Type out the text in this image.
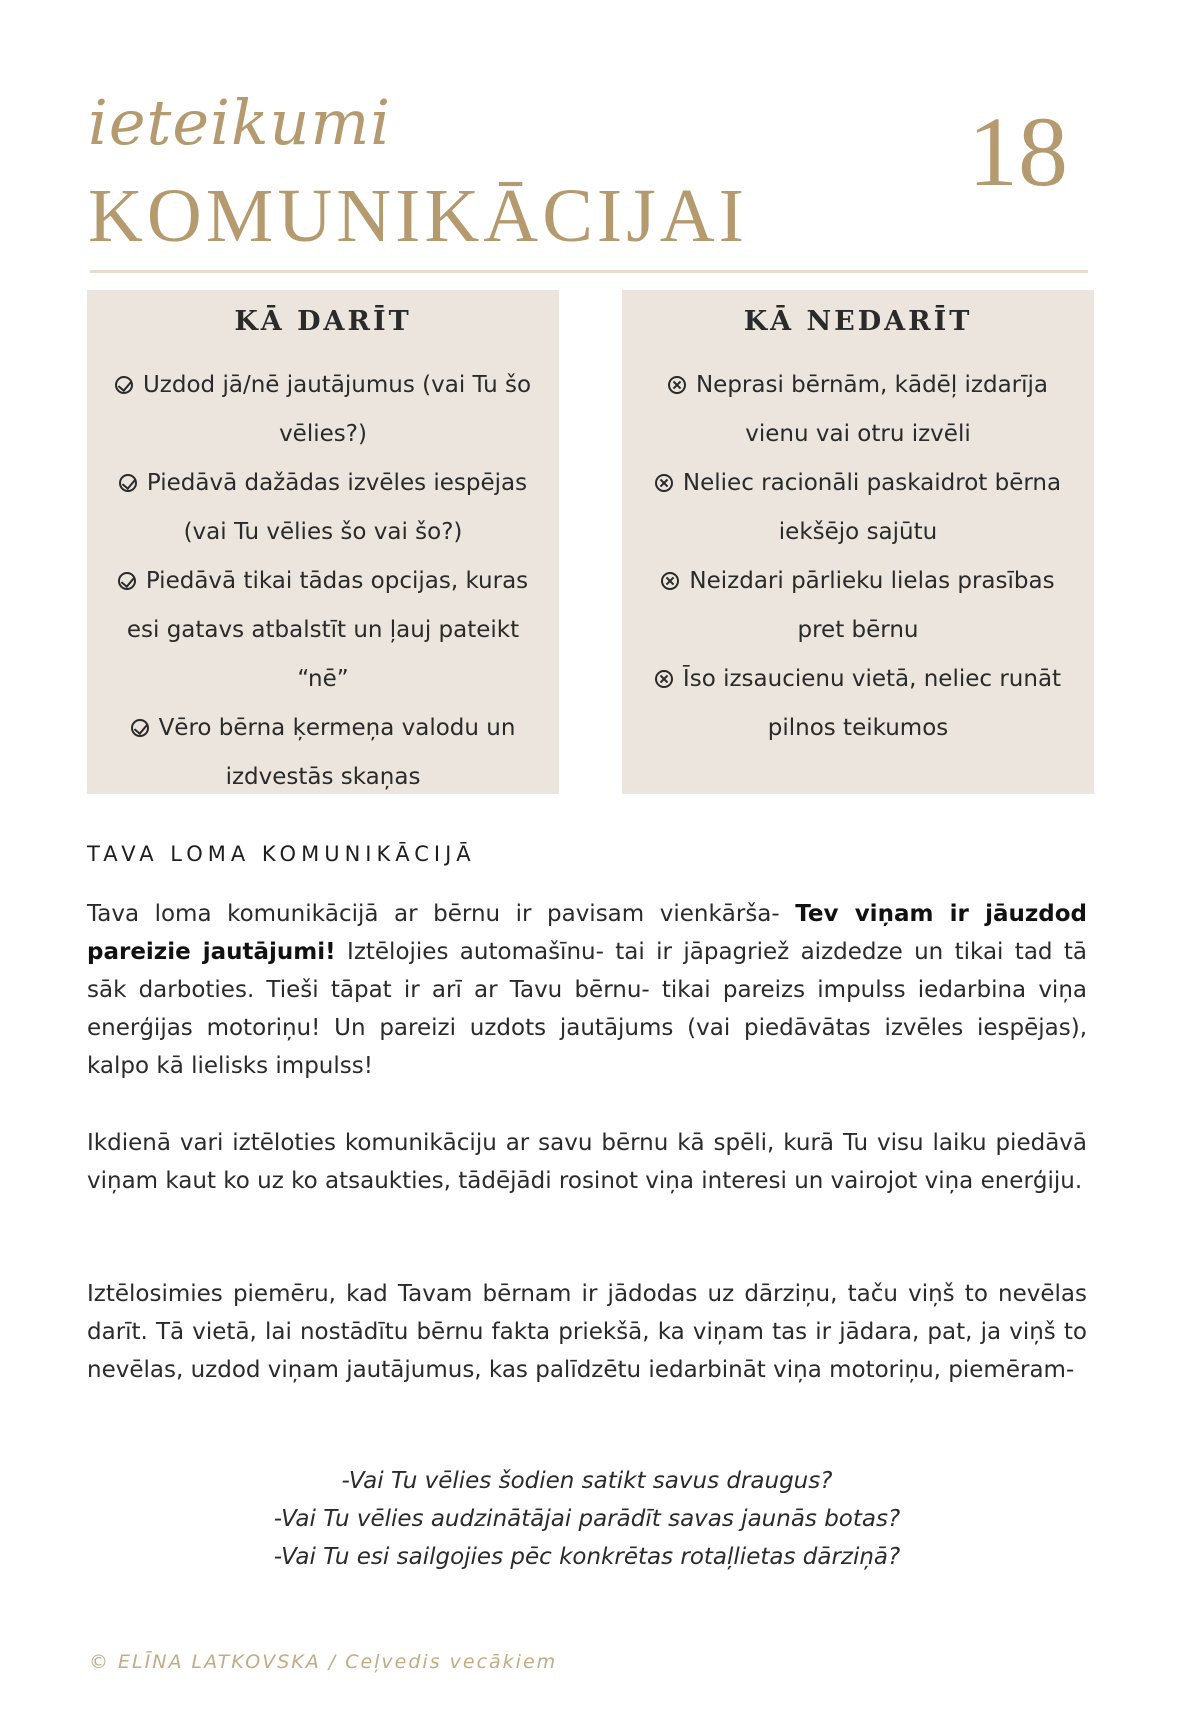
ieteikumi
KOMUNIKĀCIJAI
18
KĀ DARĪT
Uzdod jā/nē jautājumus (vai Tu šo vēlies?)
Piedāvā dažādas izvēles iespējas (vai Tu vēlies šo vai šo?)
Piedāvā tikai tādas opcijas, kuras esi gatavs atbalstīt un ļauj pateikt “nē”
Vēro bērna ķermeņa valodu un izdvestās skaņas
KĀ NEDARĪT
Neprasi bērnām, kādēļ izdarīja vienu vai otru izvēli
Neliec racionāli paskaidrot bērna iekšējo sajūtu
Neizdari pārlieku lielas prasības pret bērnu
Īso izsaucienu vietā, neliec runāt pilnos teikumos
TAVA LOMA KOMUNIKĀCIJĀ

Tava loma komunikācijā ar bērnu ir pavisam vienkārša- Tev viņam ir jāuzdod pareizie jautājumi! Iztēlojies automašīnu- tai ir jāpagriež aizdedze un tikai tad tā sāk darboties. Tieši tāpat ir arī ar Tavu bērnu- tikai pareizs impulss iedarbina viņa enerģijas motoriņu! Un pareizi uzdots jautājums (vai piedāvātas izvēles iespējas), kalpo kā lielisks impulss!

Ikdienā vari iztēloties komunikāciju ar savu bērnu kā spēli, kurā Tu visu laiku piedāvā viņam kaut ko uz ko atsaukties, tādējādi rosinot viņa interesi un vairojot viņa enerģiju.

Iztēlosimies piemēru, kad Tavam bērnam ir jādodas uz dārziņu, taču viņš to nevēlas darīt. Tā vietā, lai nostādītu bērnu fakta priekšā, ka viņam tas ir jādara, pat, ja viņš to nevēlas, uzdod viņam jautājumus, kas palīdzētu iedarbināt viņa motoriņu, piemēram-

-Vai Tu vēlies šodien satikt savus draugus?
-Vai Tu vēlies audzinātājai parādīt savas jaunās botas?
-Vai Tu esi sailgojies pēc konkrētas rotaļlietas dārziņā?
© ELĪNA LATKOVSKA / Ceļvedis vecākiem
